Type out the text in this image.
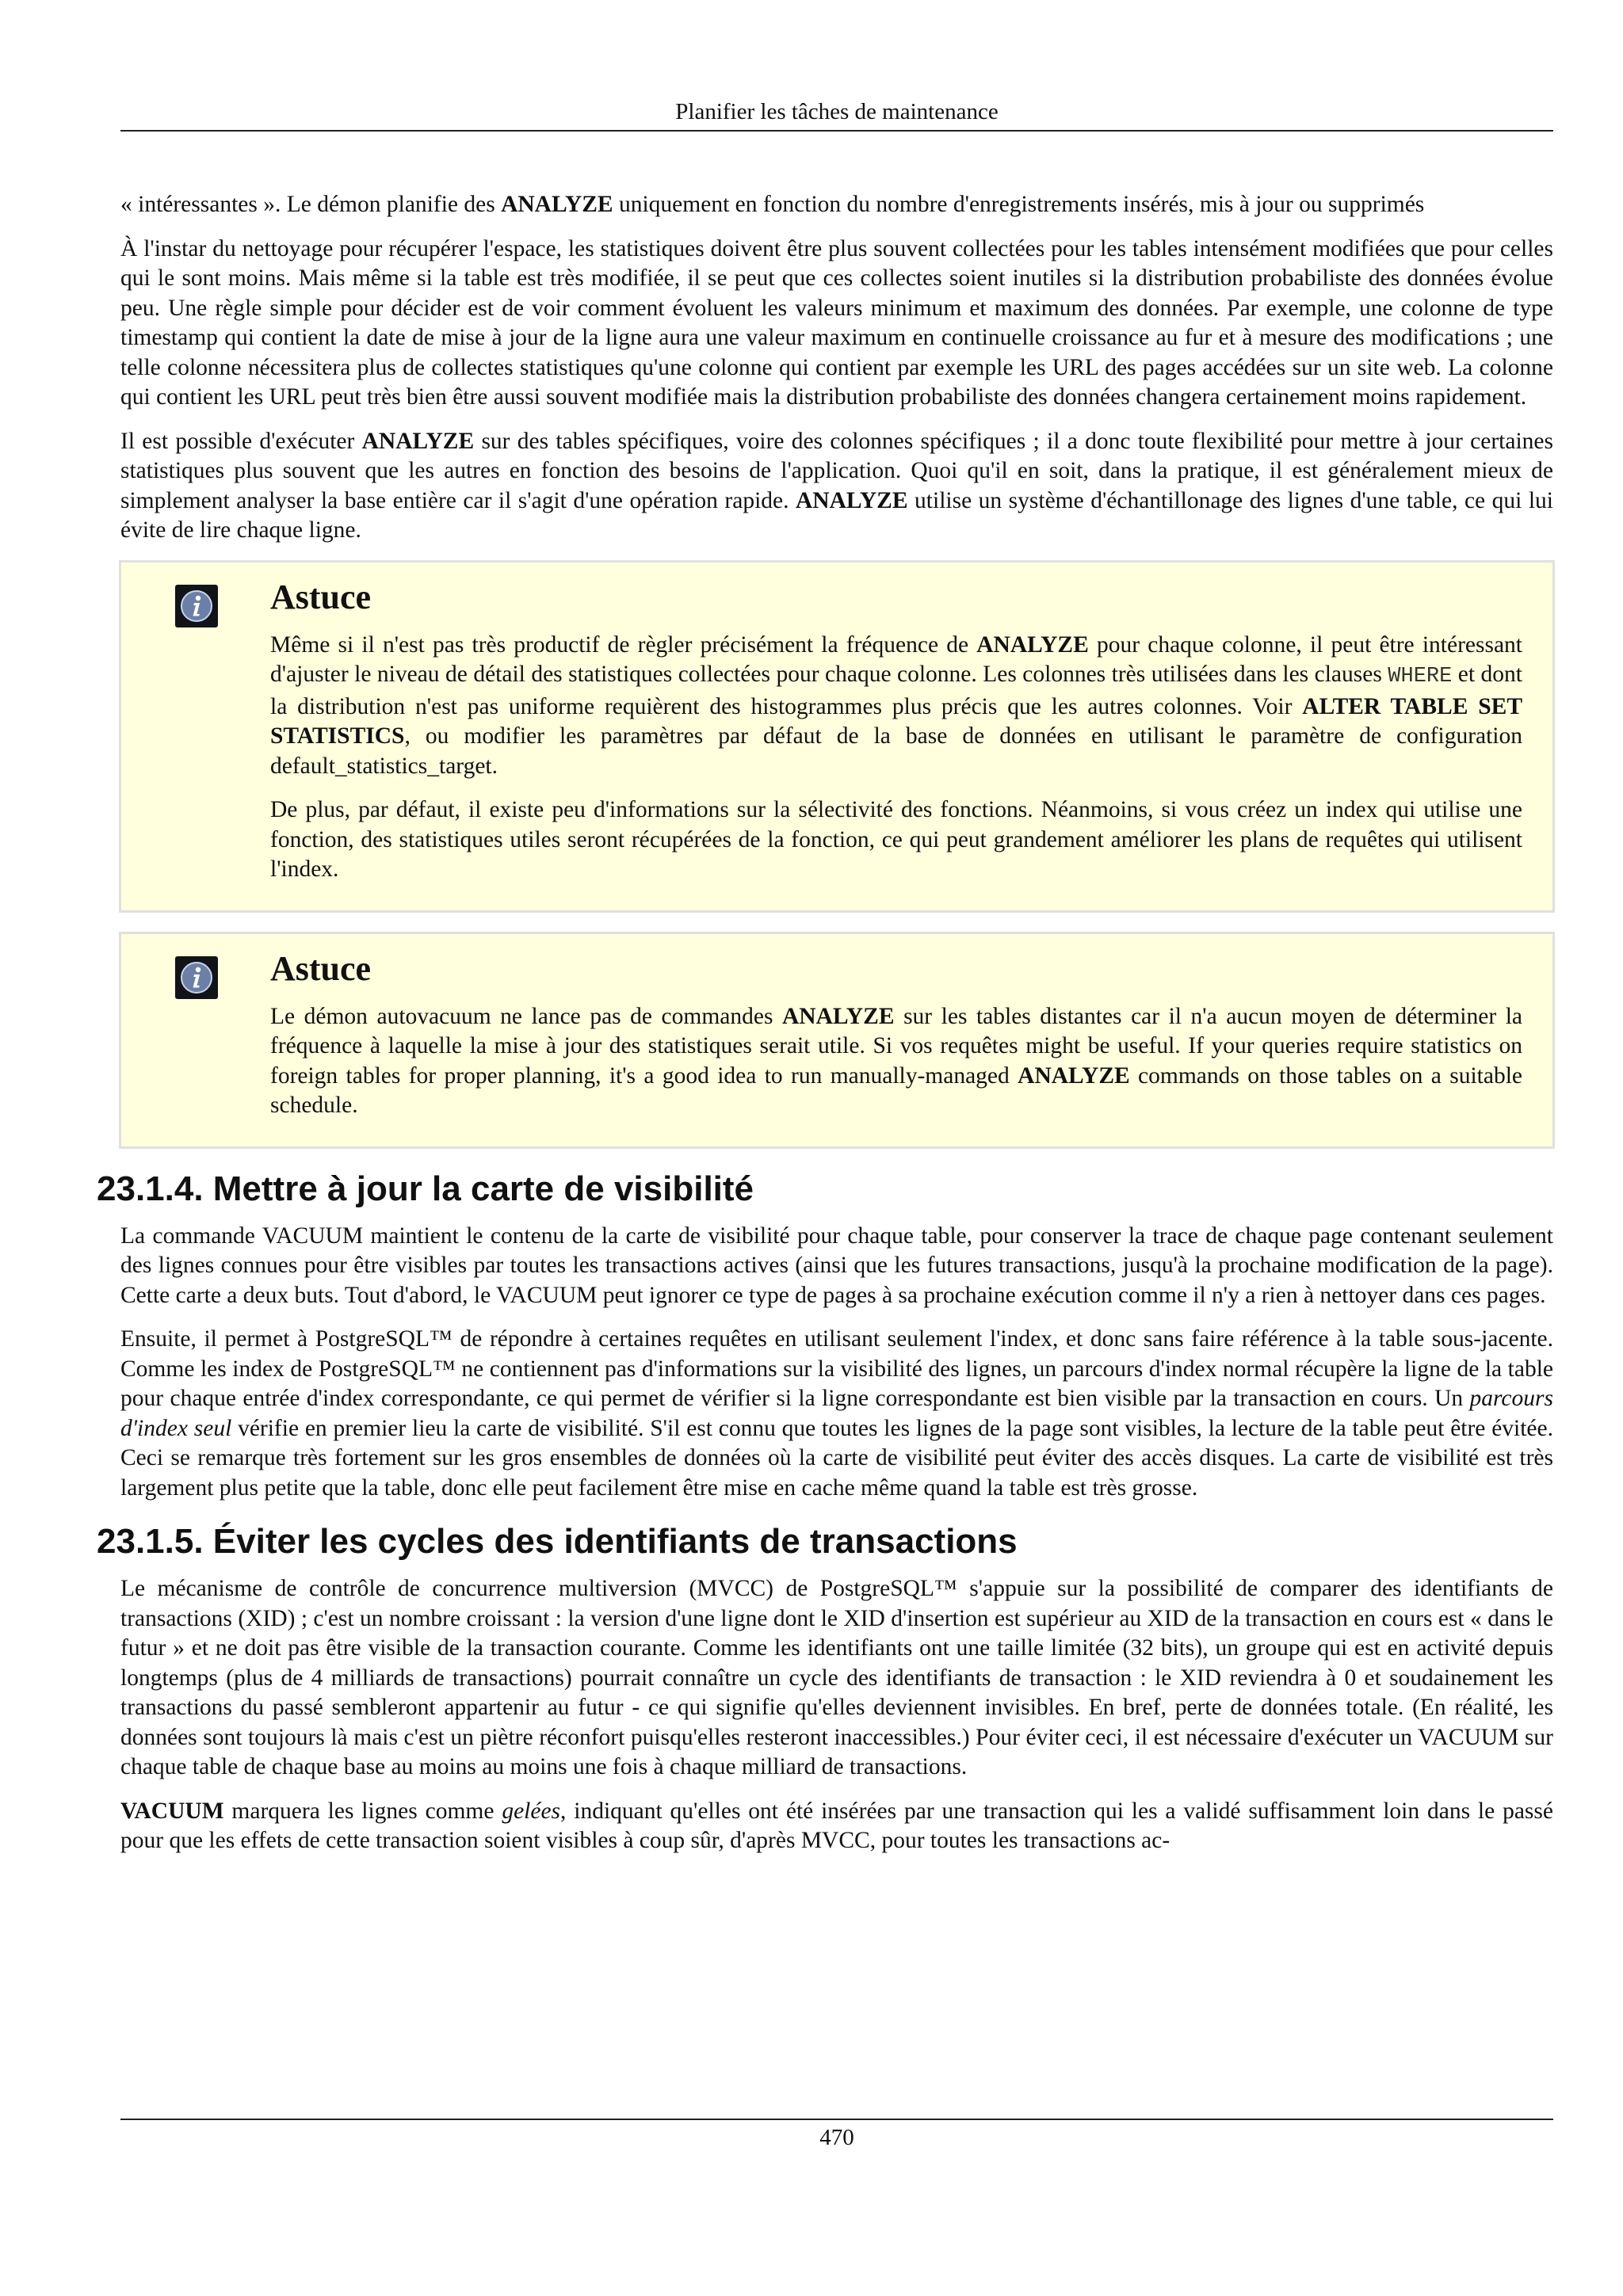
Planifier les tâches de maintenance

« intéressantes ». Le démon planifie des ANALYZE uniquement en fonction du nombre d'enregistrements insérés, mis à jour ou supprimés

À l'instar du nettoyage pour récupérer l'espace, les statistiques doivent être plus souvent collectées pour les tables intensément modifiées que pour celles qui le sont moins. Mais même si la table est très modifiée, il se peut que ces collectes soient inutiles si la distribution probabiliste des données évolue peu. Une règle simple pour décider est de voir comment évoluent les valeurs minimum et maximum des données. Par exemple, une colonne de type timestamp qui contient la date de mise à jour de la ligne aura une valeur maximum en continuelle croissance au fur et à mesure des modifications ; une telle colonne nécessitera plus de collectes statistiques qu'une colonne qui contient par exemple les URL des pages accédées sur un site web. La colonne qui contient les URL peut très bien être aussi souvent modifiée mais la distribution probabiliste des données changera certainement moins rapidement.

Il est possible d'exécuter ANALYZE sur des tables spécifiques, voire des colonnes spécifiques ; il a donc toute flexibilité pour mettre à jour certaines statistiques plus souvent que les autres en fonction des besoins de l'application. Quoi qu'il en soit, dans la pratique, il est généralement mieux de simplement analyser la base entière car il s'agit d'une opération rapide. ANALYZE utilise un système d'échantillonage des lignes d'une table, ce qui lui évite de lire chaque ligne.

Astuce

Même si il n'est pas très productif de règler précisément la fréquence de ANALYZE pour chaque colonne, il peut être intéressant d'ajuster le niveau de détail des statistiques collectées pour chaque colonne. Les colonnes très utilisées dans les clauses WHERE et dont la distribution n'est pas uniforme requièrent des histogrammes plus précis que les autres colonnes. Voir ALTER TABLE SET STATISTICS, ou modifier les paramètres par défaut de la base de données en utilisant le paramètre de configuration default_statistics_target.

De plus, par défaut, il existe peu d'informations sur la sélectivité des fonctions. Néanmoins, si vous créez un index qui utilise une fonction, des statistiques utiles seront récupérées de la fonction, ce qui peut grandement améliorer les plans de requêtes qui utilisent l'index.

Astuce

Le démon autovacuum ne lance pas de commandes ANALYZE sur les tables distantes car il n'a aucun moyen de déterminer la fréquence à laquelle la mise à jour des statistiques serait utile. Si vos requêtes might be useful. If your queries require statistics on foreign tables for proper planning, it's a good idea to run manually-managed ANALYZE commands on those tables on a suitable schedule.

23.1.4. Mettre à jour la carte de visibilité

La commande VACUUM maintient le contenu de la carte de visibilité pour chaque table, pour conserver la trace de chaque page contenant seulement des lignes connues pour être visibles par toutes les transactions actives (ainsi que les futures transactions, jusqu'à la prochaine modification de la page). Cette carte a deux buts. Tout d'abord, le VACUUM peut ignorer ce type de pages à sa prochaine exécution comme il n'y a rien à nettoyer dans ces pages.

Ensuite, il permet à PostgreSQL™ de répondre à certaines requêtes en utilisant seulement l'index, et donc sans faire référence à la table sous-jacente. Comme les index de PostgreSQL™ ne contiennent pas d'informations sur la visibilité des lignes, un parcours d'index normal récupère la ligne de la table pour chaque entrée d'index correspondante, ce qui permet de vérifier si la ligne correspondante est bien visible par la transaction en cours. Un parcours d'index seul vérifie en premier lieu la carte de visibilité. S'il est connu que toutes les lignes de la page sont visibles, la lecture de la table peut être évitée. Ceci se remarque très fortement sur les gros ensembles de données où la carte de visibilité peut éviter des accès disques. La carte de visibilité est très largement plus petite que la table, donc elle peut facilement être mise en cache même quand la table est très grosse.

23.1.5. Éviter les cycles des identifiants de transactions

Le mécanisme de contrôle de concurrence multiversion (MVCC) de PostgreSQL™ s'appuie sur la possibilité de comparer des identifiants de transactions (XID) ; c'est un nombre croissant : la version d'une ligne dont le XID d'insertion est supérieur au XID de la transaction en cours est « dans le futur » et ne doit pas être visible de la transaction courante. Comme les identifiants ont une taille limitée (32 bits), un groupe qui est en activité depuis longtemps (plus de 4 milliards de transactions) pourrait connaître un cycle des identifiants de transaction : le XID reviendra à 0 et soudainement les transactions du passé sembleront appartenir au futur - ce qui signifie qu'elles deviennent invisibles. En bref, perte de données totale. (En réalité, les données sont toujours là mais c'est un piètre réconfort puisqu'elles resteront inaccessibles.) Pour éviter ceci, il est nécessaire d'exécuter un VACUUM sur chaque table de chaque base au moins au moins une fois à chaque milliard de transactions.

VACUUM marquera les lignes comme gelées, indiquant qu'elles ont été insérées par une transaction qui les a validé suffisamment loin dans le passé pour que les effets de cette transaction soient visibles à coup sûr, d'après MVCC, pour toutes les transactions ac-

470
